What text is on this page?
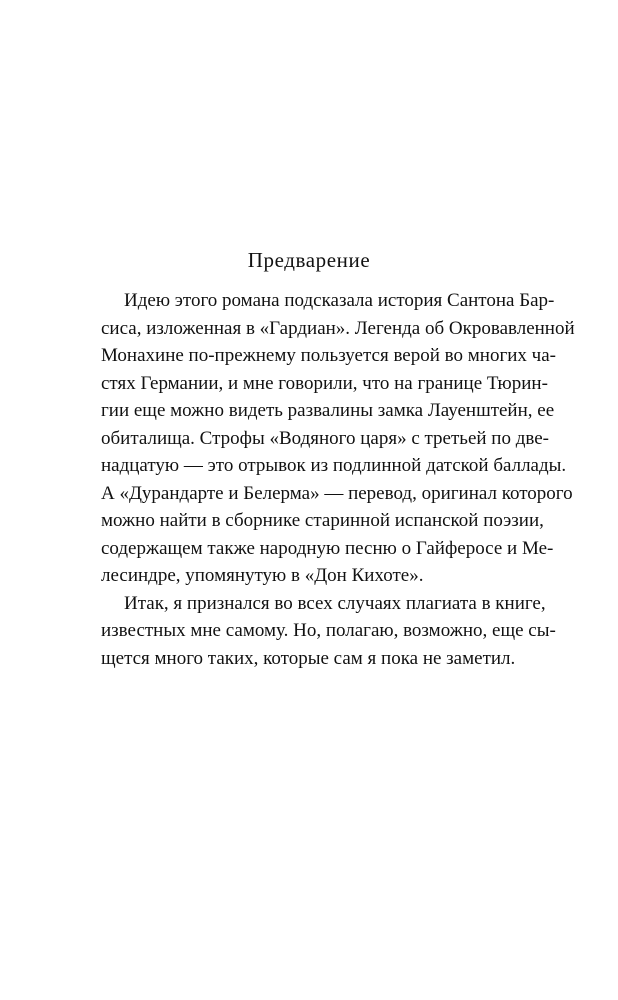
Предварение
Идею этого романа подсказала история Сантона Бар-
сиса, изложенная в «Гардиан». Легенда об Окровавленной
Монахине по-прежнему пользуется верой во многих ча-
стях Германии, и мне говорили, что на границе Тюрин-
гии еще можно видеть развалины замка Лауенштейн, ее
обиталища. Строфы «Водяного царя» с третьей по две-
надцатую — это отрывок из подлинной датской баллады.
А «Дурандарте и Белерма» — перевод, оригинал которого
можно найти в сборнике старинной испанской поэзии,
содержащем также народную песню о Гайферосе и Ме-
лесиндре, упомянутую в «Дон Кихоте».
Итак, я признался во всех случаях плагиата в книге,
известных мне самому. Но, полагаю, возможно, еще сы-
щется много таких, которые сам я пока не заметил.
